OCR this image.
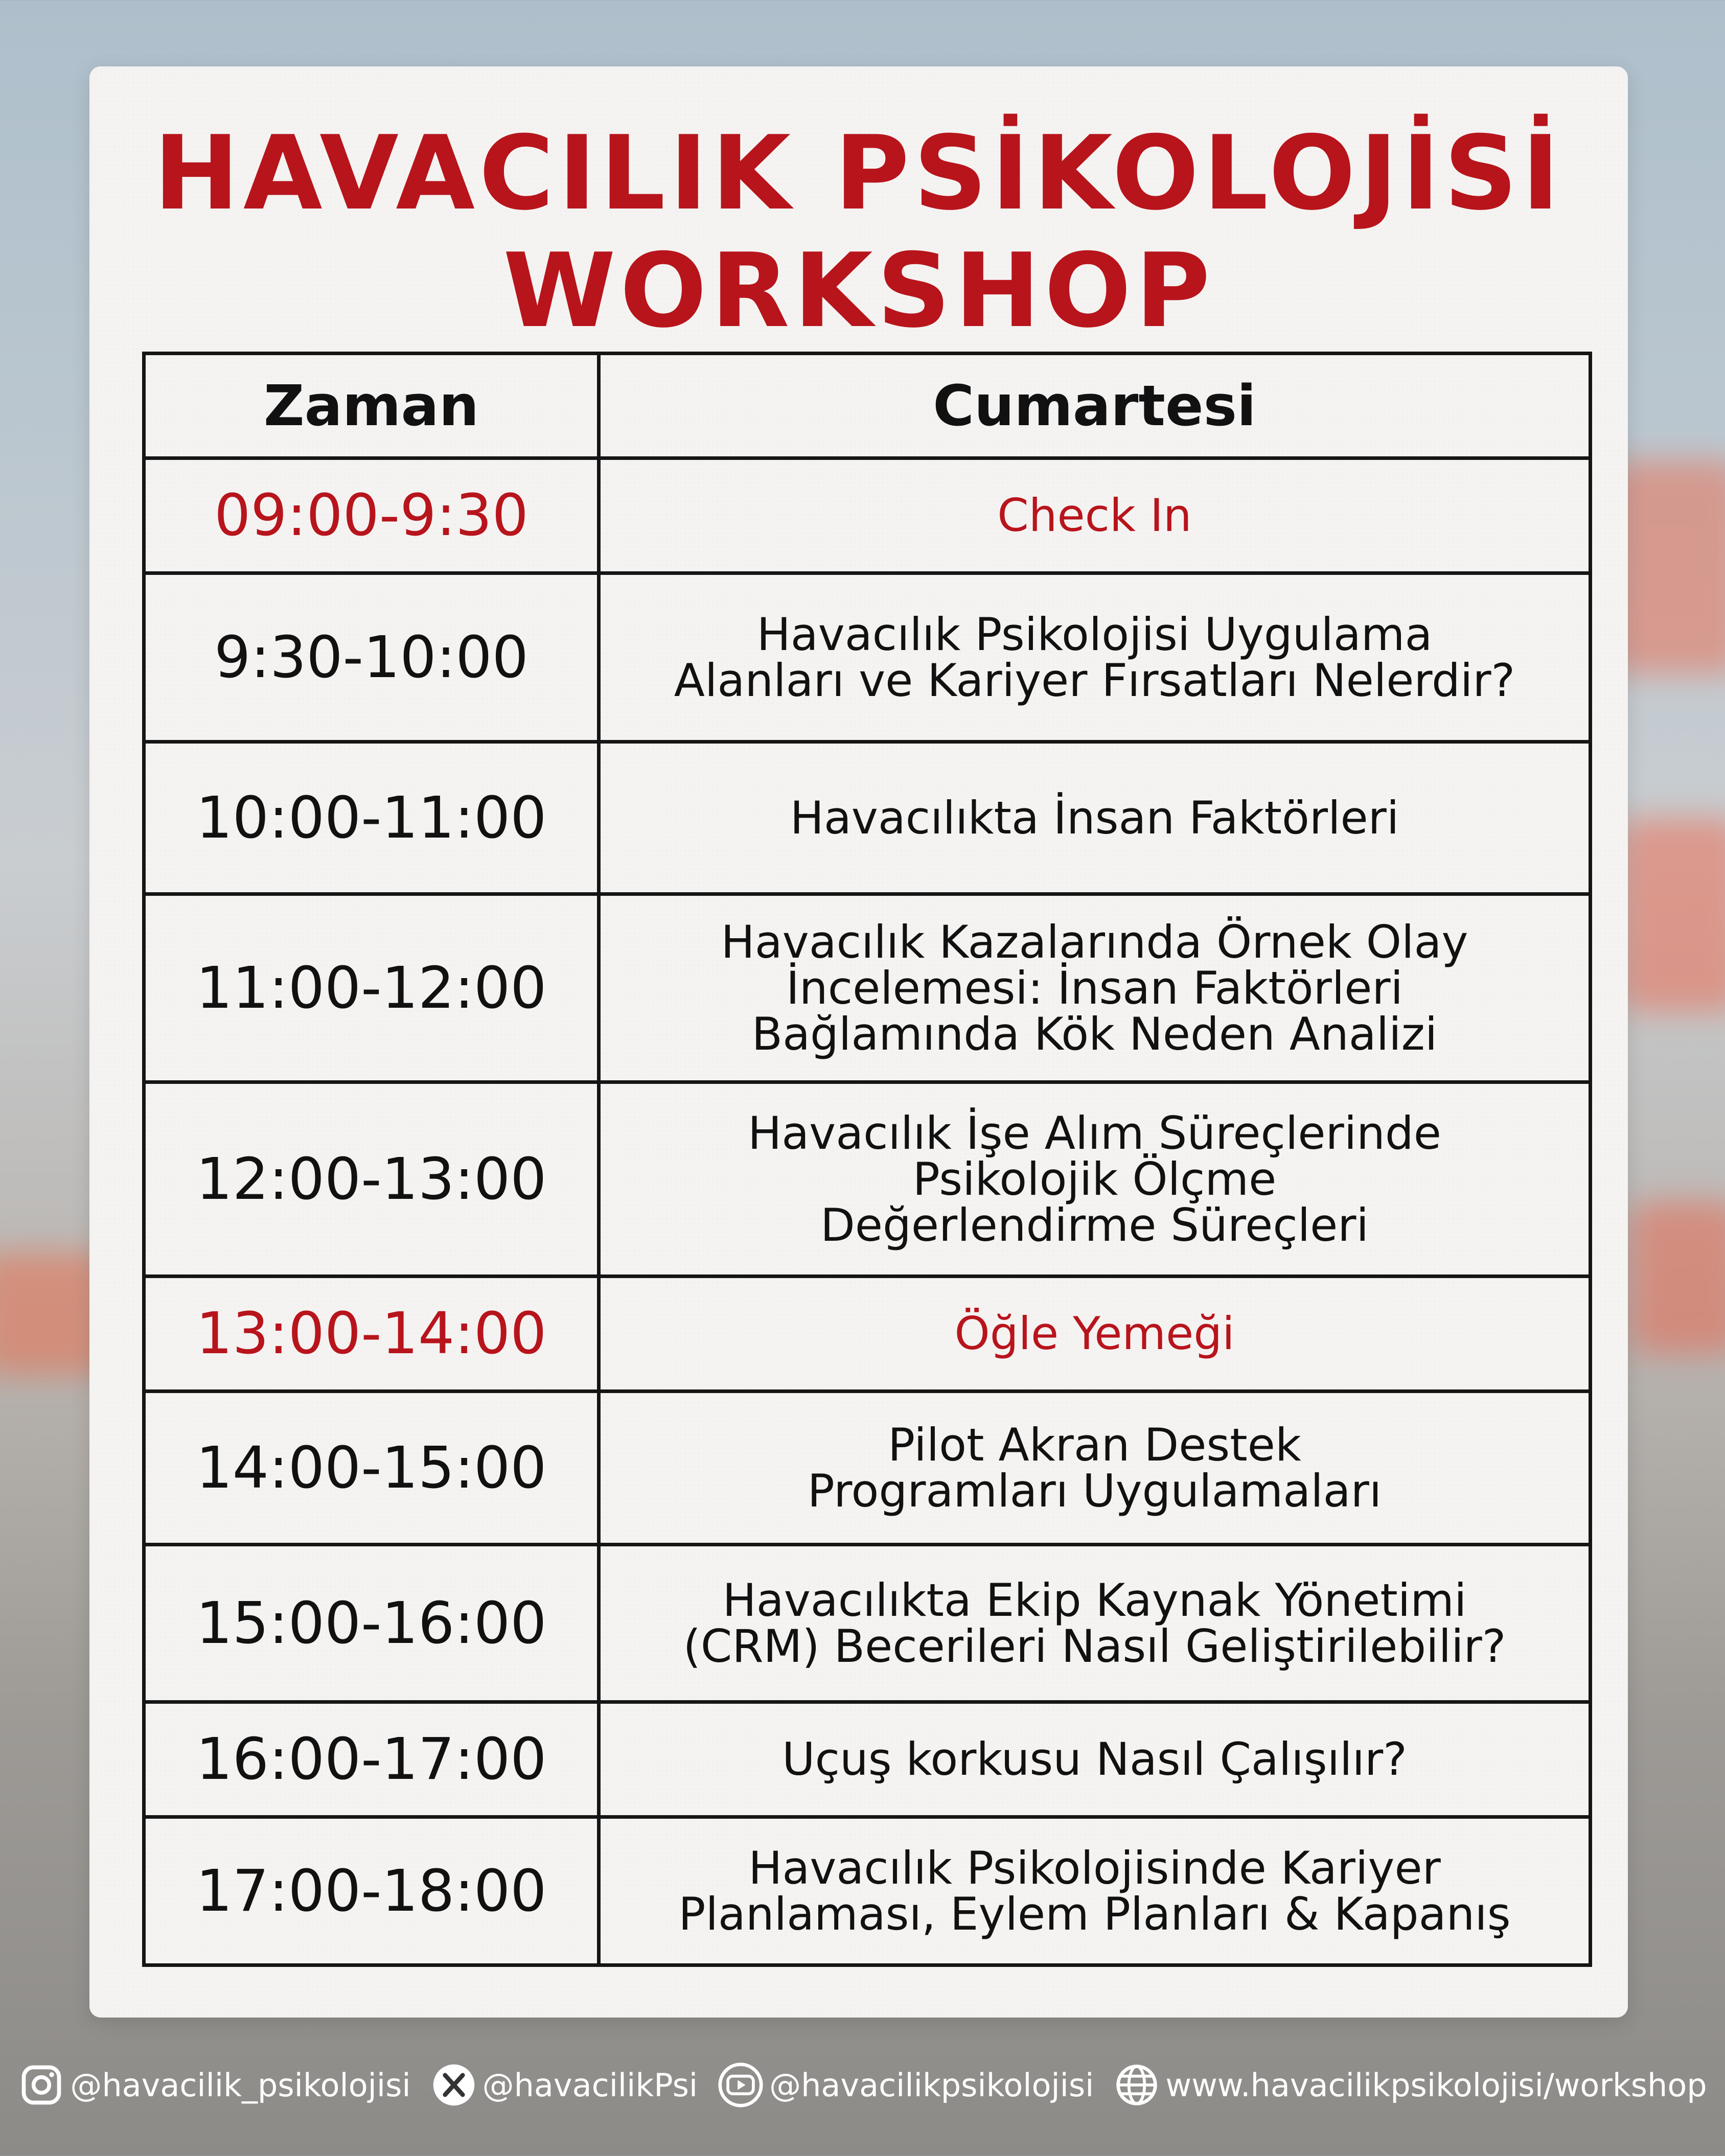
HAVACILIK PSİKOLOJİSİ
WORKSHOP
Zaman	Cumartesi
09:00-9:30	Check In
9:30-10:00	Havacılık Psikolojisi Uygulama
Alanları ve Kariyer Fırsatları Nelerdir?
10:00-11:00	Havacılıkta İnsan Faktörleri
11:00-12:00	Havacılık Kazalarında Örnek Olay
İncelemesi: İnsan Faktörleri
Bağlamında Kök Neden Analizi
12:00-13:00	Havacılık İşe Alım Süreçlerinde
Psikolojik Ölçme
Değerlendirme Süreçleri
13:00-14:00	Öğle Yemeği
14:00-15:00	Pilot Akran Destek
Programları Uygulamaları
15:00-16:00	Havacılıkta Ekip Kaynak Yönetimi
(CRM) Becerileri Nasıl Geliştirilebilir?
16:00-17:00	Uçuş korkusu Nasıl Çalışılır?
17:00-18:00	Havacılık Psikolojisinde Kariyer
Planlaması, Eylem Planları & Kapanış
@havacilik_psikolojisi @havacilikPsi @havacilikpsikolojisi www.havacilikpsikolojisi/workshop
